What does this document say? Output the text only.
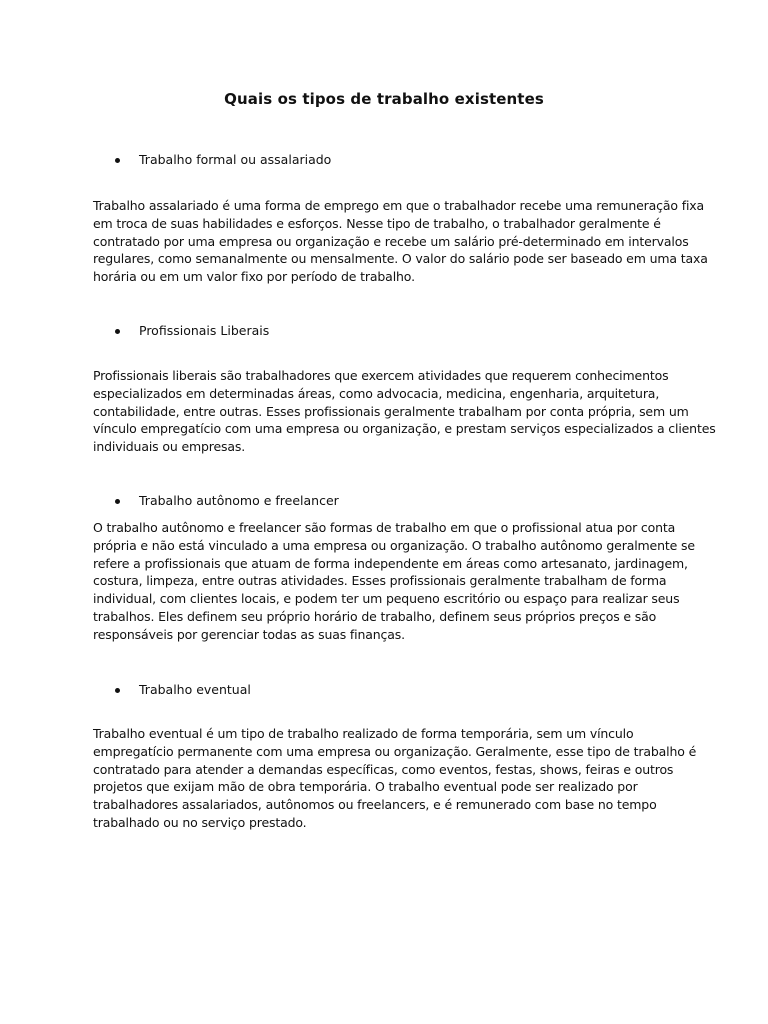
Quais os tipos de trabalho existentes
Trabalho formal ou assalariado
Trabalho assalariado é uma forma de emprego em que o trabalhador recebe uma remuneração fixa
em troca de suas habilidades e esforços. Nesse tipo de trabalho, o trabalhador geralmente é
contratado por uma empresa ou organização e recebe um salário pré-determinado em intervalos
regulares, como semanalmente ou mensalmente. O valor do salário pode ser baseado em uma taxa
horária ou em um valor fixo por período de trabalho.
Profissionais Liberais
Profissionais liberais são trabalhadores que exercem atividades que requerem conhecimentos
especializados em determinadas áreas, como advocacia, medicina, engenharia, arquitetura,
contabilidade, entre outras. Esses profissionais geralmente trabalham por conta própria, sem um
vínculo empregatício com uma empresa ou organização, e prestam serviços especializados a clientes
individuais ou empresas.
Trabalho autônomo e freelancer
O trabalho autônomo e freelancer são formas de trabalho em que o profissional atua por conta
própria e não está vinculado a uma empresa ou organização. O trabalho autônomo geralmente se
refere a profissionais que atuam de forma independente em áreas como artesanato, jardinagem,
costura, limpeza, entre outras atividades. Esses profissionais geralmente trabalham de forma
individual, com clientes locais, e podem ter um pequeno escritório ou espaço para realizar seus
trabalhos. Eles definem seu próprio horário de trabalho, definem seus próprios preços e são
responsáveis por gerenciar todas as suas finanças.
Trabalho eventual
Trabalho eventual é um tipo de trabalho realizado de forma temporária, sem um vínculo
empregatício permanente com uma empresa ou organização. Geralmente, esse tipo de trabalho é
contratado para atender a demandas específicas, como eventos, festas, shows, feiras e outros
projetos que exijam mão de obra temporária. O trabalho eventual pode ser realizado por
trabalhadores assalariados, autônomos ou freelancers, e é remunerado com base no tempo
trabalhado ou no serviço prestado.
